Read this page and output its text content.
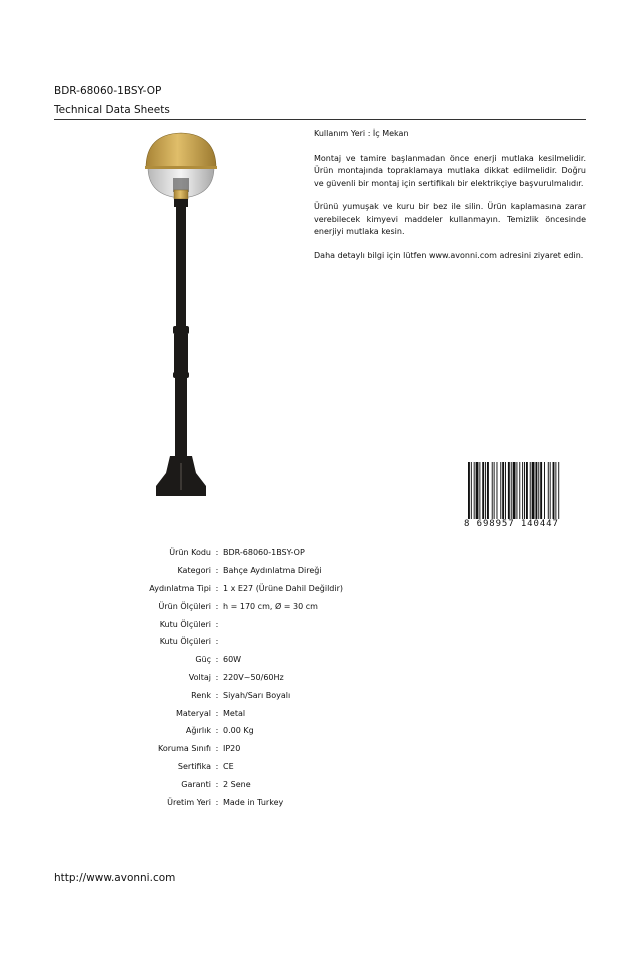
BDR-68060-1BSY-OP
Technical Data Sheets

Kullanım Yeri : İç Mekan

Montaj ve tamire başlanmadan önce enerji mutlaka kesilmelidir. Ürün montajında topraklamaya mutlaka dikkat edilmelidir. Doğru ve güvenli bir montaj için sertifikalı bir elektrikçiye başvurulmalıdır.

Ürünü yumuşak ve kuru bir bez ile silin. Ürün kaplamasına zarar verebilecek kimyevi maddeler kullanmayın. Temizlik öncesinde enerjiyi mutlaka kesin.

Daha detaylı bilgi için lütfen www.avonni.com adresini ziyaret edin.

8 698957 140447
Ürün Kodu : BDR-68060-1BSY-OP
Kategori : Bahçe Aydınlatma Direği
Aydınlatma Tipi : 1 x E27 (Ürüne Dahil Değildir)
Ürün Ölçüleri : h = 170 cm, Ø = 30 cm
Kutu Ölçüleri :
Kutu Ölçüleri :
Güç : 60W
Voltaj : 220V~50/60Hz
Renk : Siyah/Sarı Boyalı
Materyal : Metal
Ağırlık : 0.00 Kg
Koruma Sınıfı : IP20
Sertifika : CE
Garanti : 2 Sene
Üretim Yeri : Made in Turkey
http://www.avonni.com
